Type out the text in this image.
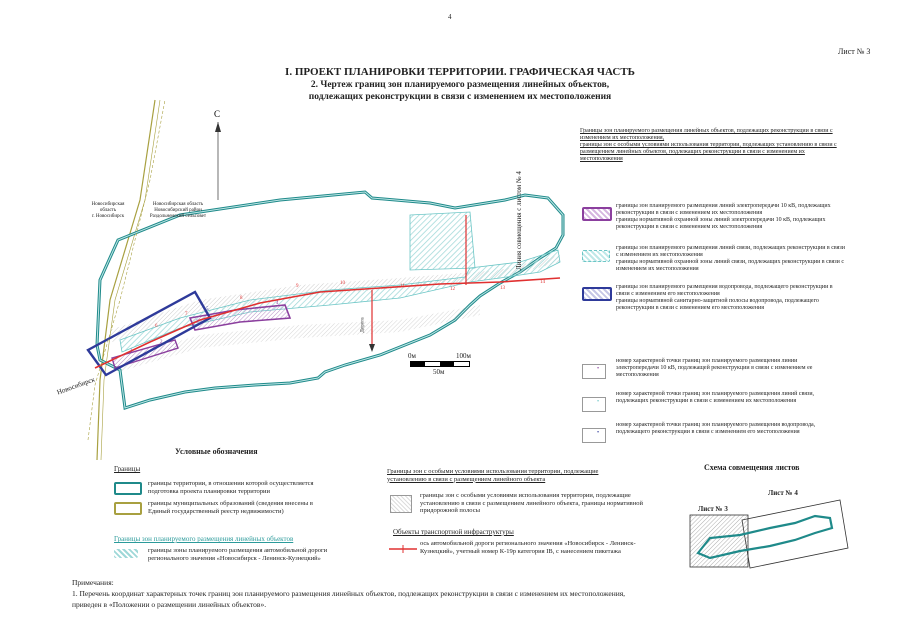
4
Лист № 3
I. ПРОЕКТ ПЛАНИРОВКИ ТЕРРИТОРИИ. ГРАФИЧЕСКАЯ ЧАСТЬ
2. Чертеж границ зон планируемого размещения линейных объектов,
подлежащих реконструкции в связи с изменением их местоположения
С
Новосибирская
область
г. Новосибирск
Новосибирская область
Новосибирский район
Раздольненский сельсовет
Новосибирск
Дорога
Линия совмещения с листом № 4
1
2
3
4
5
6
7
8
9
10
11
12	13
14
0м	100м
50м
Границы зон планируемого размещения линейных объектов, подлежащих реконструкции в связи с изменением их местоположения,
границы зон с особыми условиями использования территории, подлежащих установлению в связи с размещением линейных объектов, подлежащих реконструкции в связи с изменением их местоположения
границы зон планируемого размещения линий электропередачи 10 кВ, подлежащих реконструкции в связи с изменением их местоположения
границы нормативной охранной зоны линий электропередачи 10 кВ, подлежащих реконструкции в связи с изменением их местоположения
границы зон планируемого размещения линий связи, подлежащих реконструкции в связи с изменением их местоположения
границы нормативной охранной зоны линий связи, подлежащих реконструкции в связи с изменением их местоположения
границы зон планируемого размещения водопровода, подлежащего реконструкции в связи с изменением его местоположения
границы нормативной санитарно-защитной полосы водопровода, подлежащего реконструкции в связи с изменением его местоположения
•
номер характерной точки границ зон планируемого размещения линии электропередачи 10 кВ, подлежащей реконструкции в связи с изменением ее местоположения
•
номер характерной точки границ зон планируемого размещения линий связи, подлежащих реконструкции в связи с изменением их местоположения
•
номер характерной точки границ зон планируемого размещения водопровода, подлежащего реконструкции в связи с изменением его местоположения
Условные обозначения
Границы
границы территории, в отношении которой осуществляется подготовка проекта планировки территории
границы муниципальных образований (сведения внесены в Единый государственный реестр недвижимости)
Границы зон планируемого размещения линейных объектов
границы зоны планируемого размещения автомобильной дороги регионального значения «Новосибирск - Ленинск-Кузнецкий»
Границы зон с особыми условиями использования территории, подлежащие установлению в связи с размещением линейного объекта
границы зон с особыми условиями использования территории, подлежащие установлению в связи с размещением линейного объекта, границы нормативной придорожной полосы
Объекты транспортной инфраструктуры
ось автомобильной дороги регионального значения «Новосибирск - Ленинск-Кузнецкий», учетный номер К-19р категория IВ, с нанесением пикетажа
Схема совмещения листов
Лист № 4
Лист № 3
Примечания:
1. Перечень координат характерных точек границ зон планируемого размещения линейных объектов, подлежащих реконструкции в связи с изменением их местоположения,
приведен в «Положении о размещении линейных объектов».
